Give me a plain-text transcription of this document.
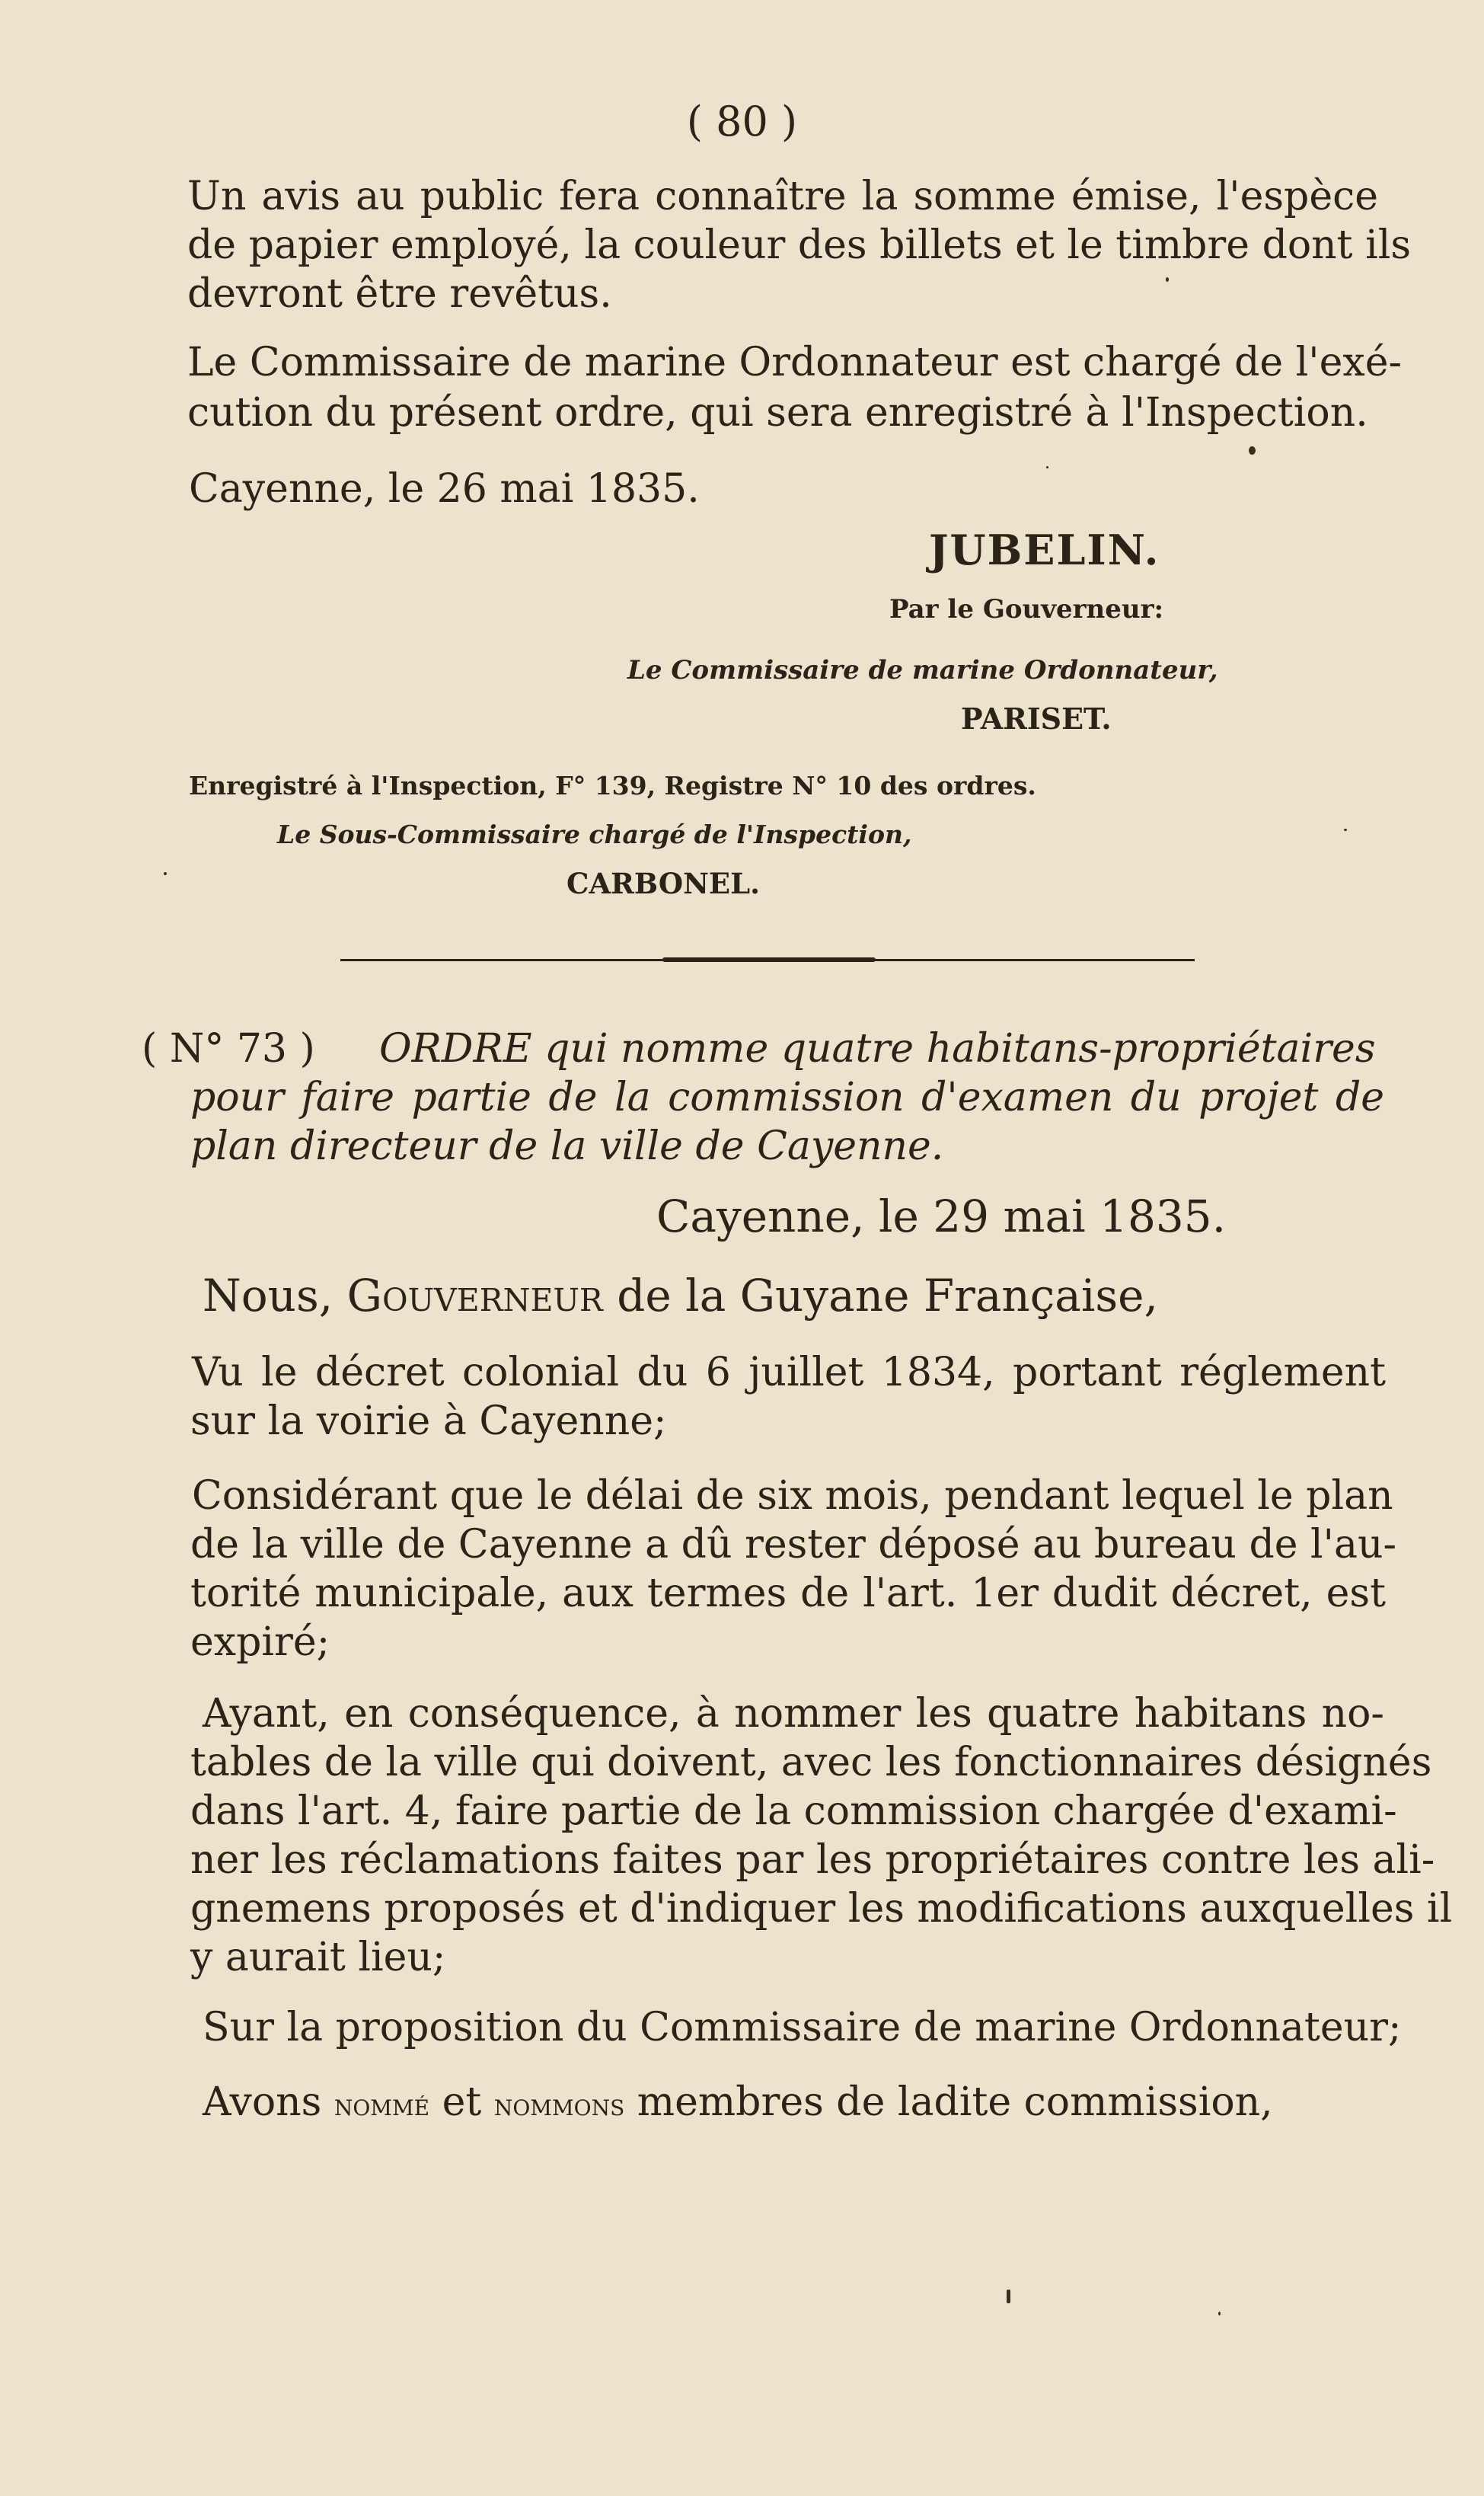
( 80 )
Un avis au public fera connaître la somme émise, l'espèce
de papier employé, la couleur des billets et le timbre dont ils
devront être revêtus.
Le Commissaire de marine Ordonnateur est chargé de l'exé-
cution du présent ordre, qui sera enregistré à l'Inspection.
Cayenne, le 26 mai 1835.
JUBELIN.
Par le Gouverneur:
Le Commissaire de marine Ordonnateur,
PARISET.
Enregistré à l'Inspection, F° 139, Registre N° 10 des ordres.
Le Sous-Commissaire chargé de l'Inspection,
CARBONEL.
( N° 73 ) ORDRE qui nomme quatre habitans-propriétaires
pour faire partie de la commission d'examen du projet de
plan directeur de la ville de Cayenne.
Cayenne, le 29 mai 1835.
Nous, Gouverneur de la Guyane Française,
Vu le décret colonial du 6 juillet 1834, portant réglement
sur la voirie à Cayenne;
Considérant que le délai de six mois, pendant lequel le plan
de la ville de Cayenne a dû rester déposé au bureau de l'au-
torité municipale, aux termes de l'art. 1er dudit décret, est
expiré;
Ayant, en conséquence, à nommer les quatre habitans no-
tables de la ville qui doivent, avec les fonctionnaires désignés
dans l'art. 4, faire partie de la commission chargée d'exami-
ner les réclamations faites par les propriétaires contre les ali-
gnemens proposés et d'indiquer les modifications auxquelles il
y aurait lieu;
Sur la proposition du Commissaire de marine Ordonnateur;
Avons nommé et nommons membres de ladite commission,
